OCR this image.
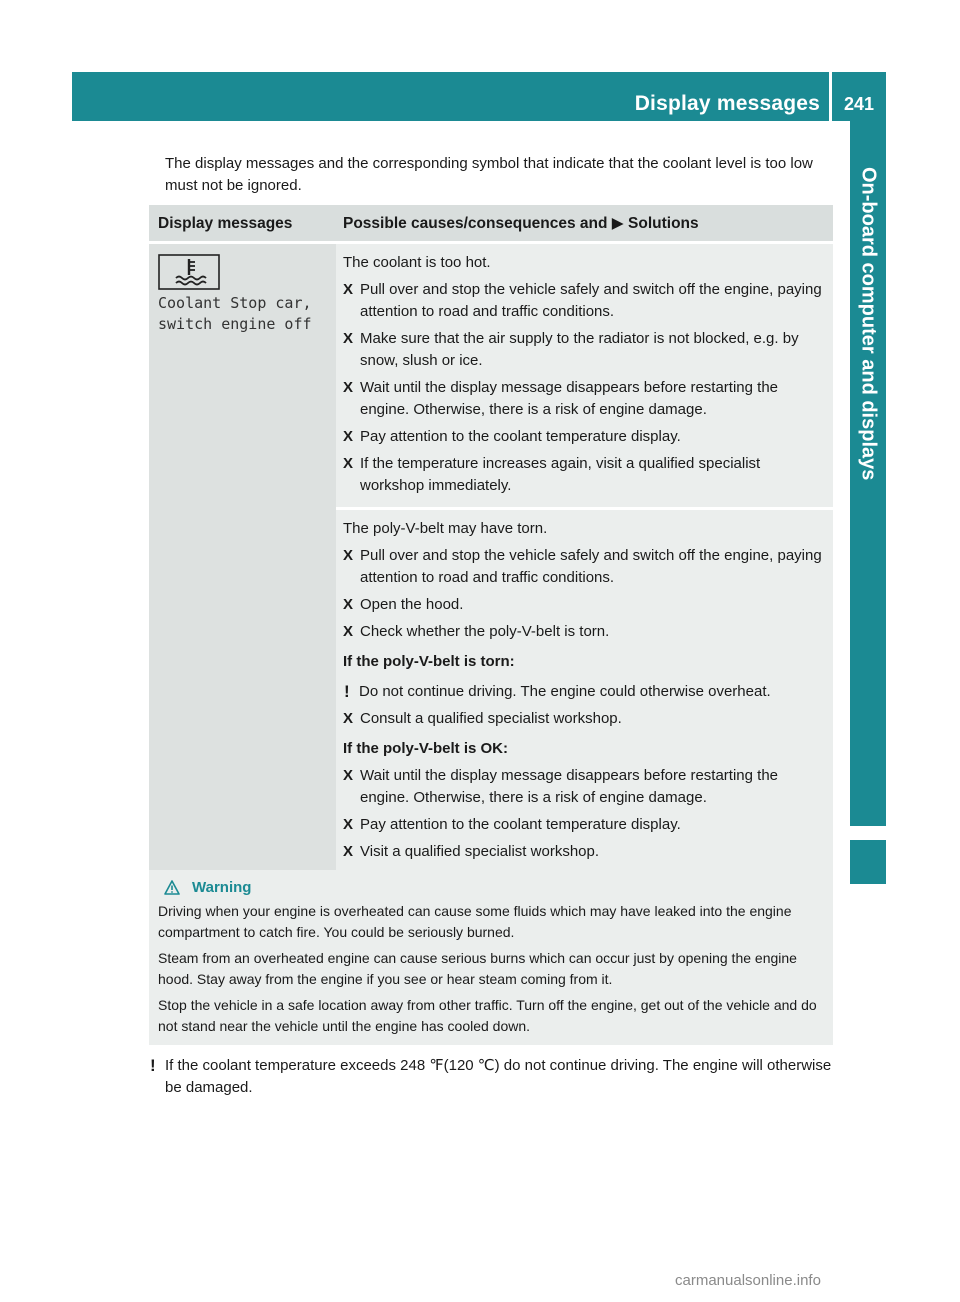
Display messages	241
On-board computer and displays
The display messages and the corresponding symbol that indicate that the coolant level is too low must not be ignored.
Display messages	Possible causes/consequences and ▶ Solutions
Coolant Stop car,
switch engine off
The coolant is too hot.
X Pull over and stop the vehicle safely and switch off the engine, paying attention to road and traffic conditions.
X Make sure that the air supply to the radiator is not blocked, e.g. by snow, slush or ice.
X Wait until the display message disappears before restarting the engine. Otherwise, there is a risk of engine damage.
X Pay attention to the coolant temperature display.
X If the temperature increases again, visit a qualified specialist workshop immediately.
The poly-V-belt may have torn.
X Pull over and stop the vehicle safely and switch off the engine, paying attention to road and traffic conditions.
X Open the hood.
X Check whether the poly-V-belt is torn.
If the poly-V-belt is torn:
! Do not continue driving. The engine could otherwise overheat.
X Consult a qualified specialist workshop.
If the poly-V-belt is OK:
X Wait until the display message disappears before restarting the engine. Otherwise, there is a risk of engine damage.
X Pay attention to the coolant temperature display.
X Visit a qualified specialist workshop.
Warning

Driving when your engine is overheated can cause some fluids which may have leaked into the engine compartment to catch fire. You could be seriously burned.

Steam from an overheated engine can cause serious burns which can occur just by opening the engine hood. Stay away from the engine if you see or hear steam coming from it.

Stop the vehicle in a safe location away from other traffic. Turn off the engine, get out of the vehicle and do not stand near the vehicle until the engine has cooled down.

! If the coolant temperature exceeds 248 ℉(120 ℃) do not continue driving. The engine will otherwise be damaged.
carmanualsonline.info
